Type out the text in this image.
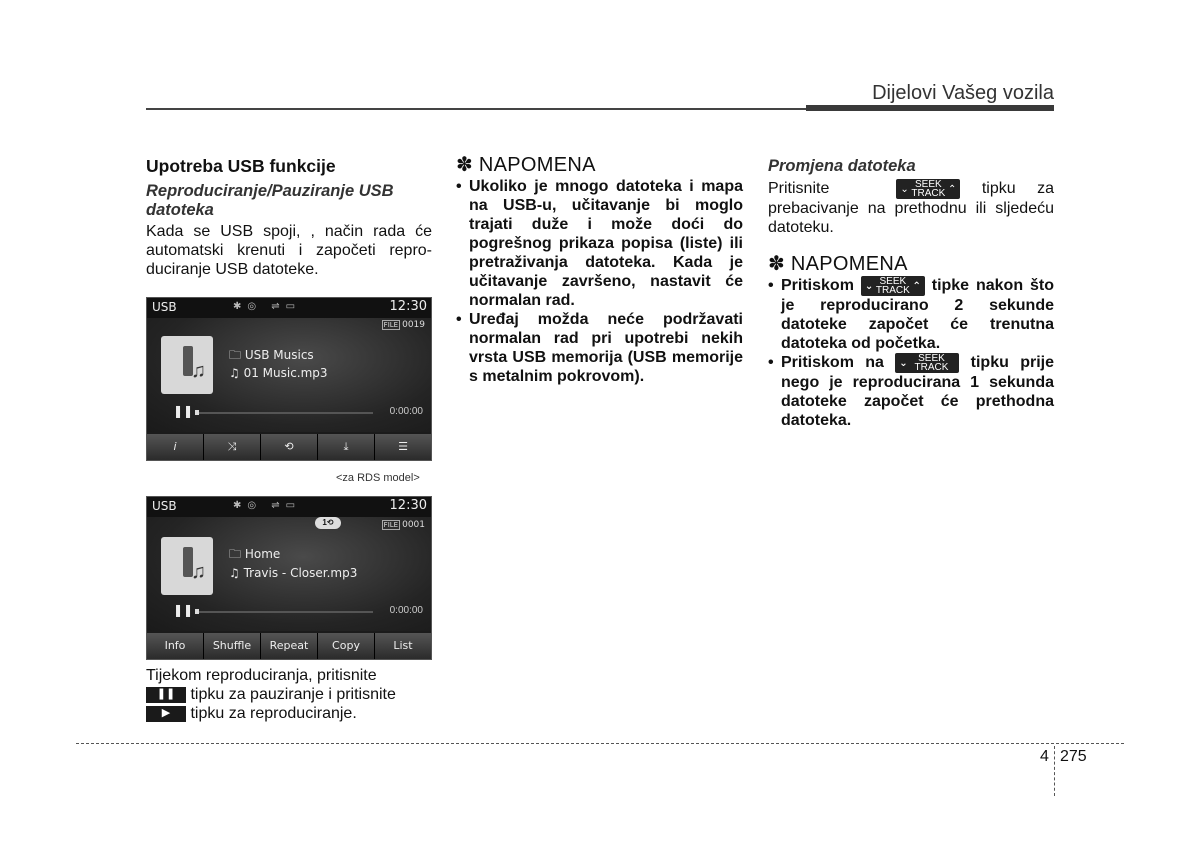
Dijelovi Vašeg vozila
Upotreba USB funkcije
Reproduciranje/Pauziranje USB datoteka

Kada se USB spoji, , način rada će automatski krenuti i započeti reproduciranje USB datoteke.

USB	✱◎ ⇌▭	12:30
FILE 0019
♫
🗀 USB Musics
♫ 01 Music.mp3
❚❚	0:00:00
i	⤨	⟲	⤓	☰
<za RDS model>
USB	✱◎ ⇌▭	12:30
1⟲	FILE 0001
♫
🗀 Home
♫ Travis - Closer.mp3
❚❚	0:00:00
Info	Shuffle	Repeat	Copy	List

Tijekom reproduciranja, pritisnite

❚❚ tipku za pauziranje i pritisnite

▶ tipku za reproduciranje.

✽ NAPOMENA
• Ukoliko je mnogo datoteka i mapa na USB-u, učitavanje bi moglo trajati duže i može doći do pogrešnog prikaza popisa (liste) ili pretraživanja datoteka. Kada je učitavanje završeno, nastavit će normalan rad.
• Uređaj možda neće podržavati normalan rad pri upotrebi nekih vrsta USB memorija (USB memorije s metalnim pokrovom).
Promjena datoteka

Pritisnite	⌄ SEEK
TRACK ⌃ tipku za prebacivanje na prethodnu ili sljedeću datoteku.

✽ NAPOMENA
• Pritiskom ⌄ SEEK
TRACK ⌃ tipke nakon što je reproducirano 2 sekunde datoteke započet će trenutna datoteka od početka.
• Pritiskom na ⌄	SEEK
TRACK tipku prije nego je reproducirana 1 sekunda datoteke započet će prethodna datoteka.
4 275
